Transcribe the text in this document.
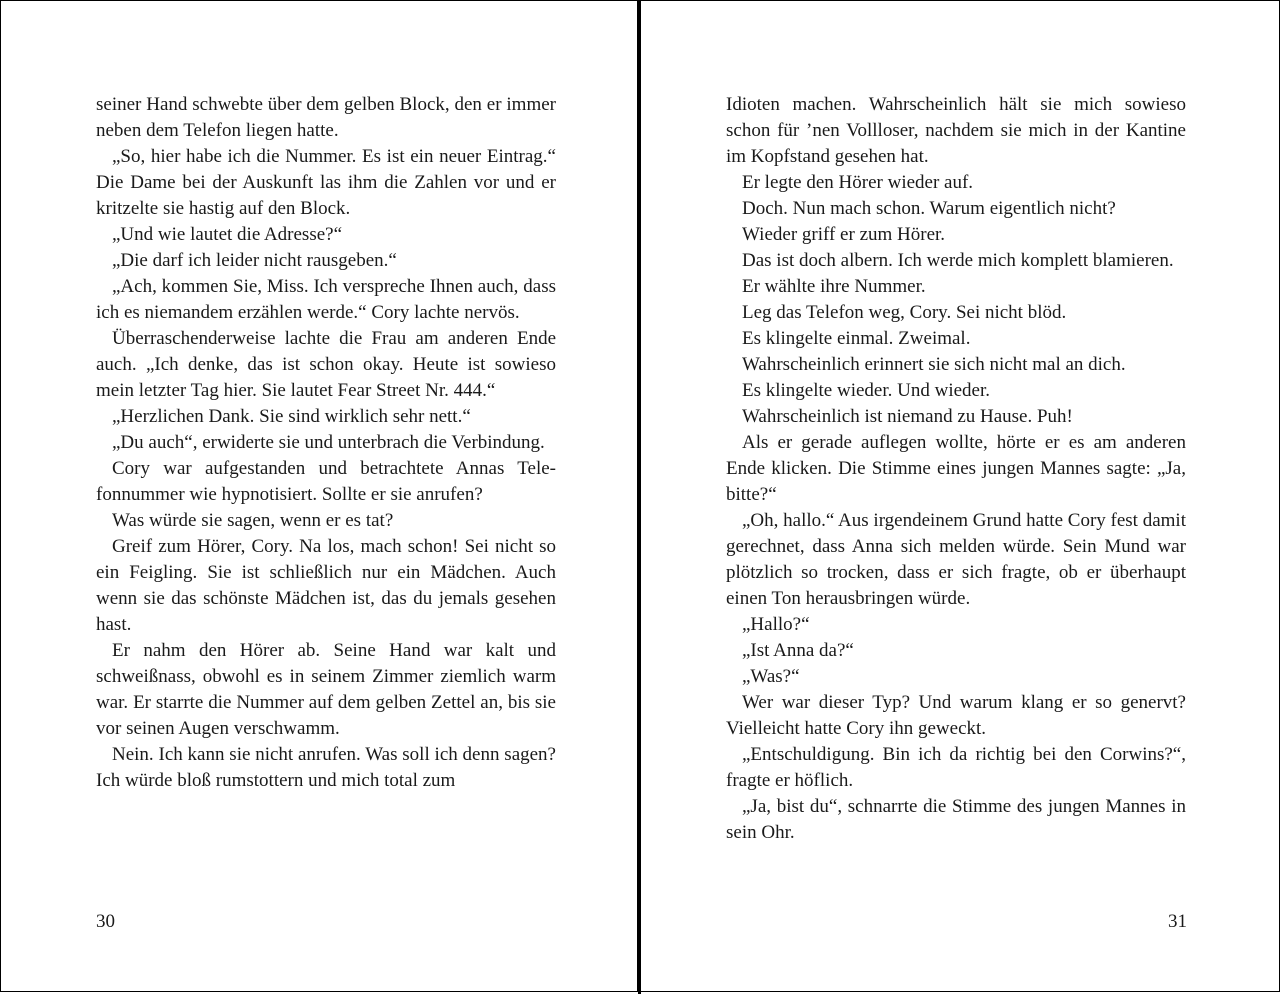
seiner Hand schwebte über dem gelben Block, den er immer neben dem Telefon liegen hatte.

„So, hier habe ich die Nummer. Es ist ein neuer Eintrag.“ Die Dame bei der Auskunft las ihm die Zahlen vor und er kritzelte sie hastig auf den Block.

„Und wie lautet die Adresse?“

„Die darf ich leider nicht rausgeben.“

„Ach, kommen Sie, Miss. Ich verspreche Ihnen auch, dass ich es niemandem erzählen werde.“ Cory lachte nervös.

Überraschenderweise lachte die Frau am anderen Ende auch. „Ich denke, das ist schon okay. Heute ist sowieso mein letzter Tag hier. Sie lautet Fear Street Nr. 444.“

„Herzlichen Dank. Sie sind wirklich sehr nett.“

„Du auch“, erwiderte sie und unterbrach die Verbindung.

Cory war aufgestanden und betrachtete Annas Telefonnummer wie hypnotisiert. Sollte er sie anrufen?

Was würde sie sagen, wenn er es tat?

Greif zum Hörer, Cory. Na los, mach schon! Sei nicht so ein Feigling. Sie ist schließlich nur ein Mädchen. Auch wenn sie das schönste Mädchen ist, das du jemals gesehen hast.

Er nahm den Hörer ab. Seine Hand war kalt und schweißnass, obwohl es in seinem Zimmer ziemlich warm war. Er starrte die Nummer auf dem gelben Zettel an, bis sie vor seinen Augen verschwamm.

Nein. Ich kann sie nicht anrufen. Was soll ich denn sagen? Ich würde bloß rumstottern und mich total zum

30

Idioten machen. Wahrscheinlich hält sie mich sowieso schon für ’nen Vollloser, nachdem sie mich in der Kantine im Kopfstand gesehen hat.

Er legte den Hörer wieder auf.

Doch. Nun mach schon. Warum eigentlich nicht?

Wieder griff er zum Hörer.

Das ist doch albern. Ich werde mich komplett blamieren.

Er wählte ihre Nummer.

Leg das Telefon weg, Cory. Sei nicht blöd.

Es klingelte einmal. Zweimal.

Wahrscheinlich erinnert sie sich nicht mal an dich.

Es klingelte wieder. Und wieder.

Wahrscheinlich ist niemand zu Hause. Puh!

Als er gerade auflegen wollte, hörte er es am anderen Ende klicken. Die Stimme eines jungen Mannes sagte: „Ja, bitte?“

„Oh, hallo.“ Aus irgendeinem Grund hatte Cory fest damit gerechnet, dass Anna sich melden würde. Sein Mund war plötzlich so trocken, dass er sich fragte, ob er überhaupt einen Ton herausbringen würde.

„Hallo?“

„Ist Anna da?“

„Was?“

Wer war dieser Typ? Und warum klang er so genervt? Vielleicht hatte Cory ihn geweckt.

„Entschuldigung. Bin ich da richtig bei den Corwins?“, fragte er höflich.

„Ja, bist du“, schnarrte die Stimme des jungen Mannes in sein Ohr.

31
